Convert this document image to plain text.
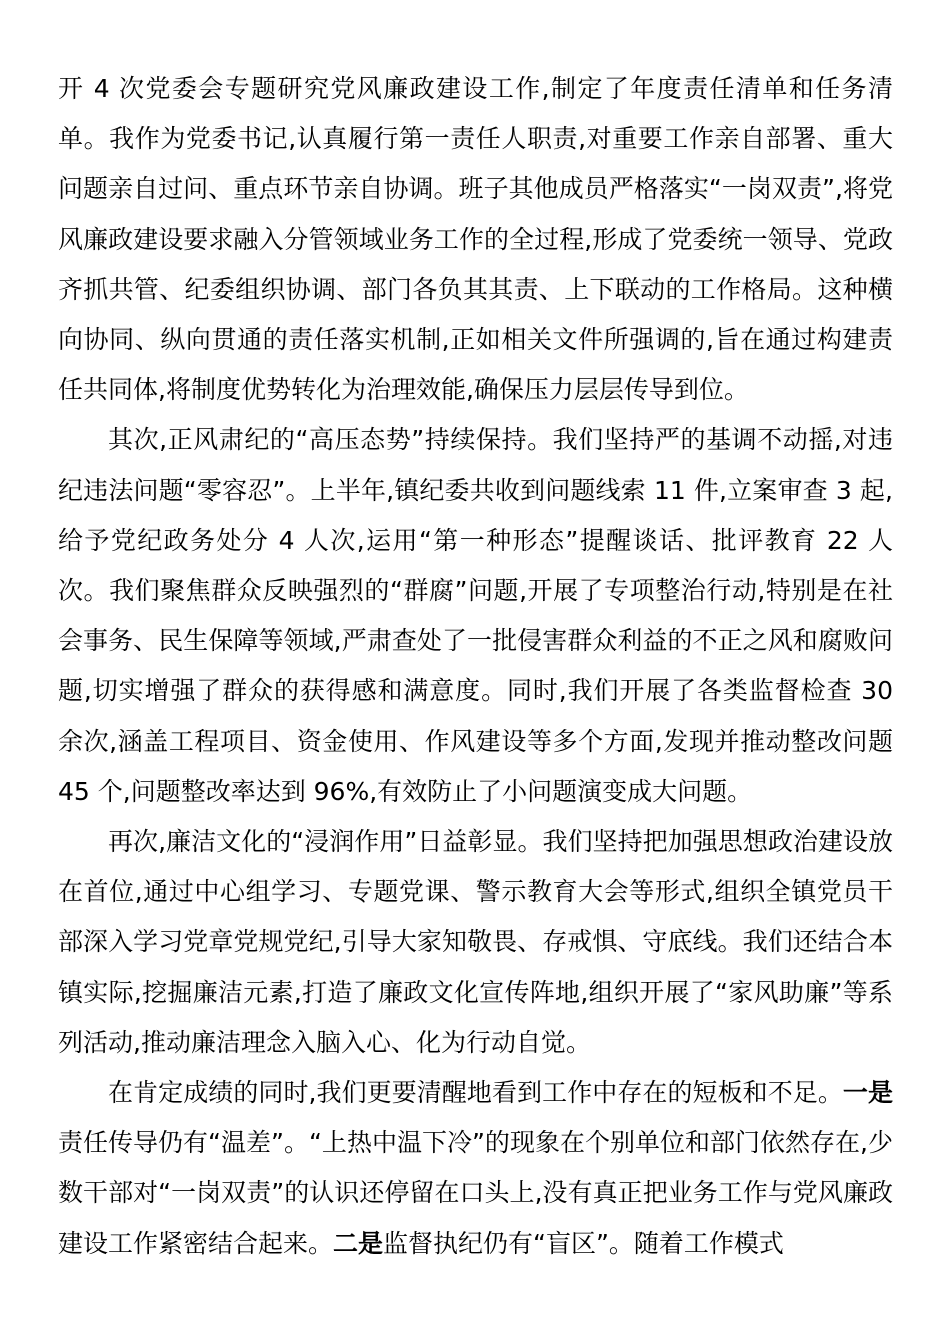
开 4 次党委会专题研究党风廉政建设工作,制定了年度责任清单和任务清单。我作为党委书记,认真履行第一责任人职责,对重要工作亲自部署、重大问题亲自过问、重点环节亲自协调。班子其他成员严格落实“一岗双责”,将党风廉政建设要求融入分管领域业务工作的全过程,形成了党委统一领导、党政齐抓共管、纪委组织协调、部门各负其其责、上下联动的工作格局。这种横向协同、纵向贯通的责任落实机制,正如相关文件所强调的,旨在通过构建责任共同体,将制度优势转化为治理效能,确保压力层层传导到位。

其次,正风肃纪的“高压态势”持续保持。我们坚持严的基调不动摇,对违纪违法问题“零容忍”。上半年,镇纪委共收到问题线索 11 件,立案审查 3 起,给予党纪政务处分 4 人次,运用“第一种形态”提醒谈话、批评教育 22 人次。我们聚焦群众反映强烈的“群腐”问题,开展了专项整治行动,特别是在社会事务、民生保障等领域,严肃查处了一批侵害群众利益的不正之风和腐败问题,切实增强了群众的获得感和满意度。同时,我们开展了各类监督检查 30 余次,涵盖工程项目、资金使用、作风建设等多个方面,发现并推动整改问题 45 个,问题整改率达到 96%,有效防止了小问题演变成大问题。

再次,廉洁文化的“浸润作用”日益彰显。我们坚持把加强思想政治建设放在首位,通过中心组学习、专题党课、警示教育大会等形式,组织全镇党员干部深入学习党章党规党纪,引导大家知敬畏、存戒惧、守底线。我们还结合本镇实际,挖掘廉洁元素,打造了廉政文化宣传阵地,组织开展了“家风助廉”等系列活动,推动廉洁理念入脑入心、化为行动自觉。

在肯定成绩的同时,我们更要清醒地看到工作中存在的短板和不足。一是责任传导仍有“温差”。“上热中温下冷”的现象在个别单位和部门依然存在,少数干部对“一岗双责”的认识还停留在口头上,没有真正把业务工作与党风廉政建设工作紧密结合起来。二是监督执纪仍有“盲区”。随着工作模式
